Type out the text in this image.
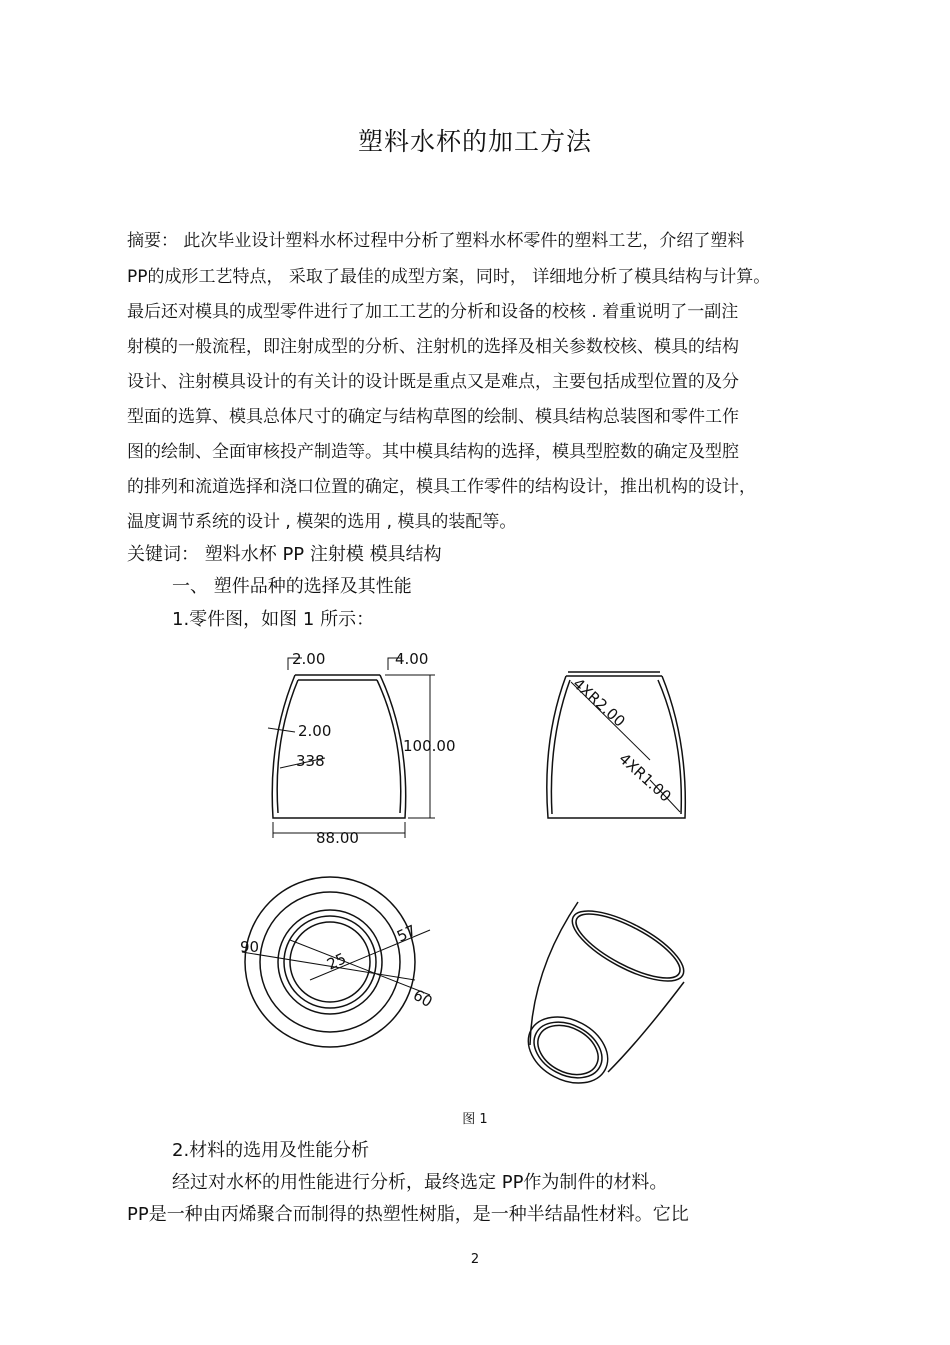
塑料水杯的加工方法
摘要： 此次毕业设计塑料水杯过程中分析了塑料水杯零件的塑料工艺，介绍了塑料
PP的成形工艺特点， 采取了最佳的成型方案，同时， 详细地分析了模具结构与计算。
最后还对模具的成型零件进行了加工工艺的分析和设备的校核 . 着重说明了一副注
射模的一般流程，即注射成型的分析、注射机的选择及相关参数校核、模具的结构
设计、注射模具设计的有关计的设计既是重点又是难点，主要包括成型位置的及分
型面的选算、模具总体尺寸的确定与结构草图的绘制、模具结构总装图和零件工作
图的绘制、全面审核投产制造等。其中模具结构的选择，模具型腔数的确定及型腔
的排列和流道选择和浇口位置的确定，模具工作零件的结构设计，推出机构的设计，
温度调节系统的设计 , 模架的选用 , 模具的装配等。
关键词： 塑料水杯 PP 注射模 模具结构
一、 塑件品种的选择及其性能
1.零件图，如图 1 所示：
2.00	4.00
2.00
338
100.00
88.00
4XR2.00
4XR1.00
90
57
25
60
图 1
2.材料的选用及性能分析
经过对水杯的用性能进行分析，最终选定 PP作为制件的材料。
PP是一种由丙烯聚合而制得的热塑性树脂，是一种半结晶性材料。它比
2
